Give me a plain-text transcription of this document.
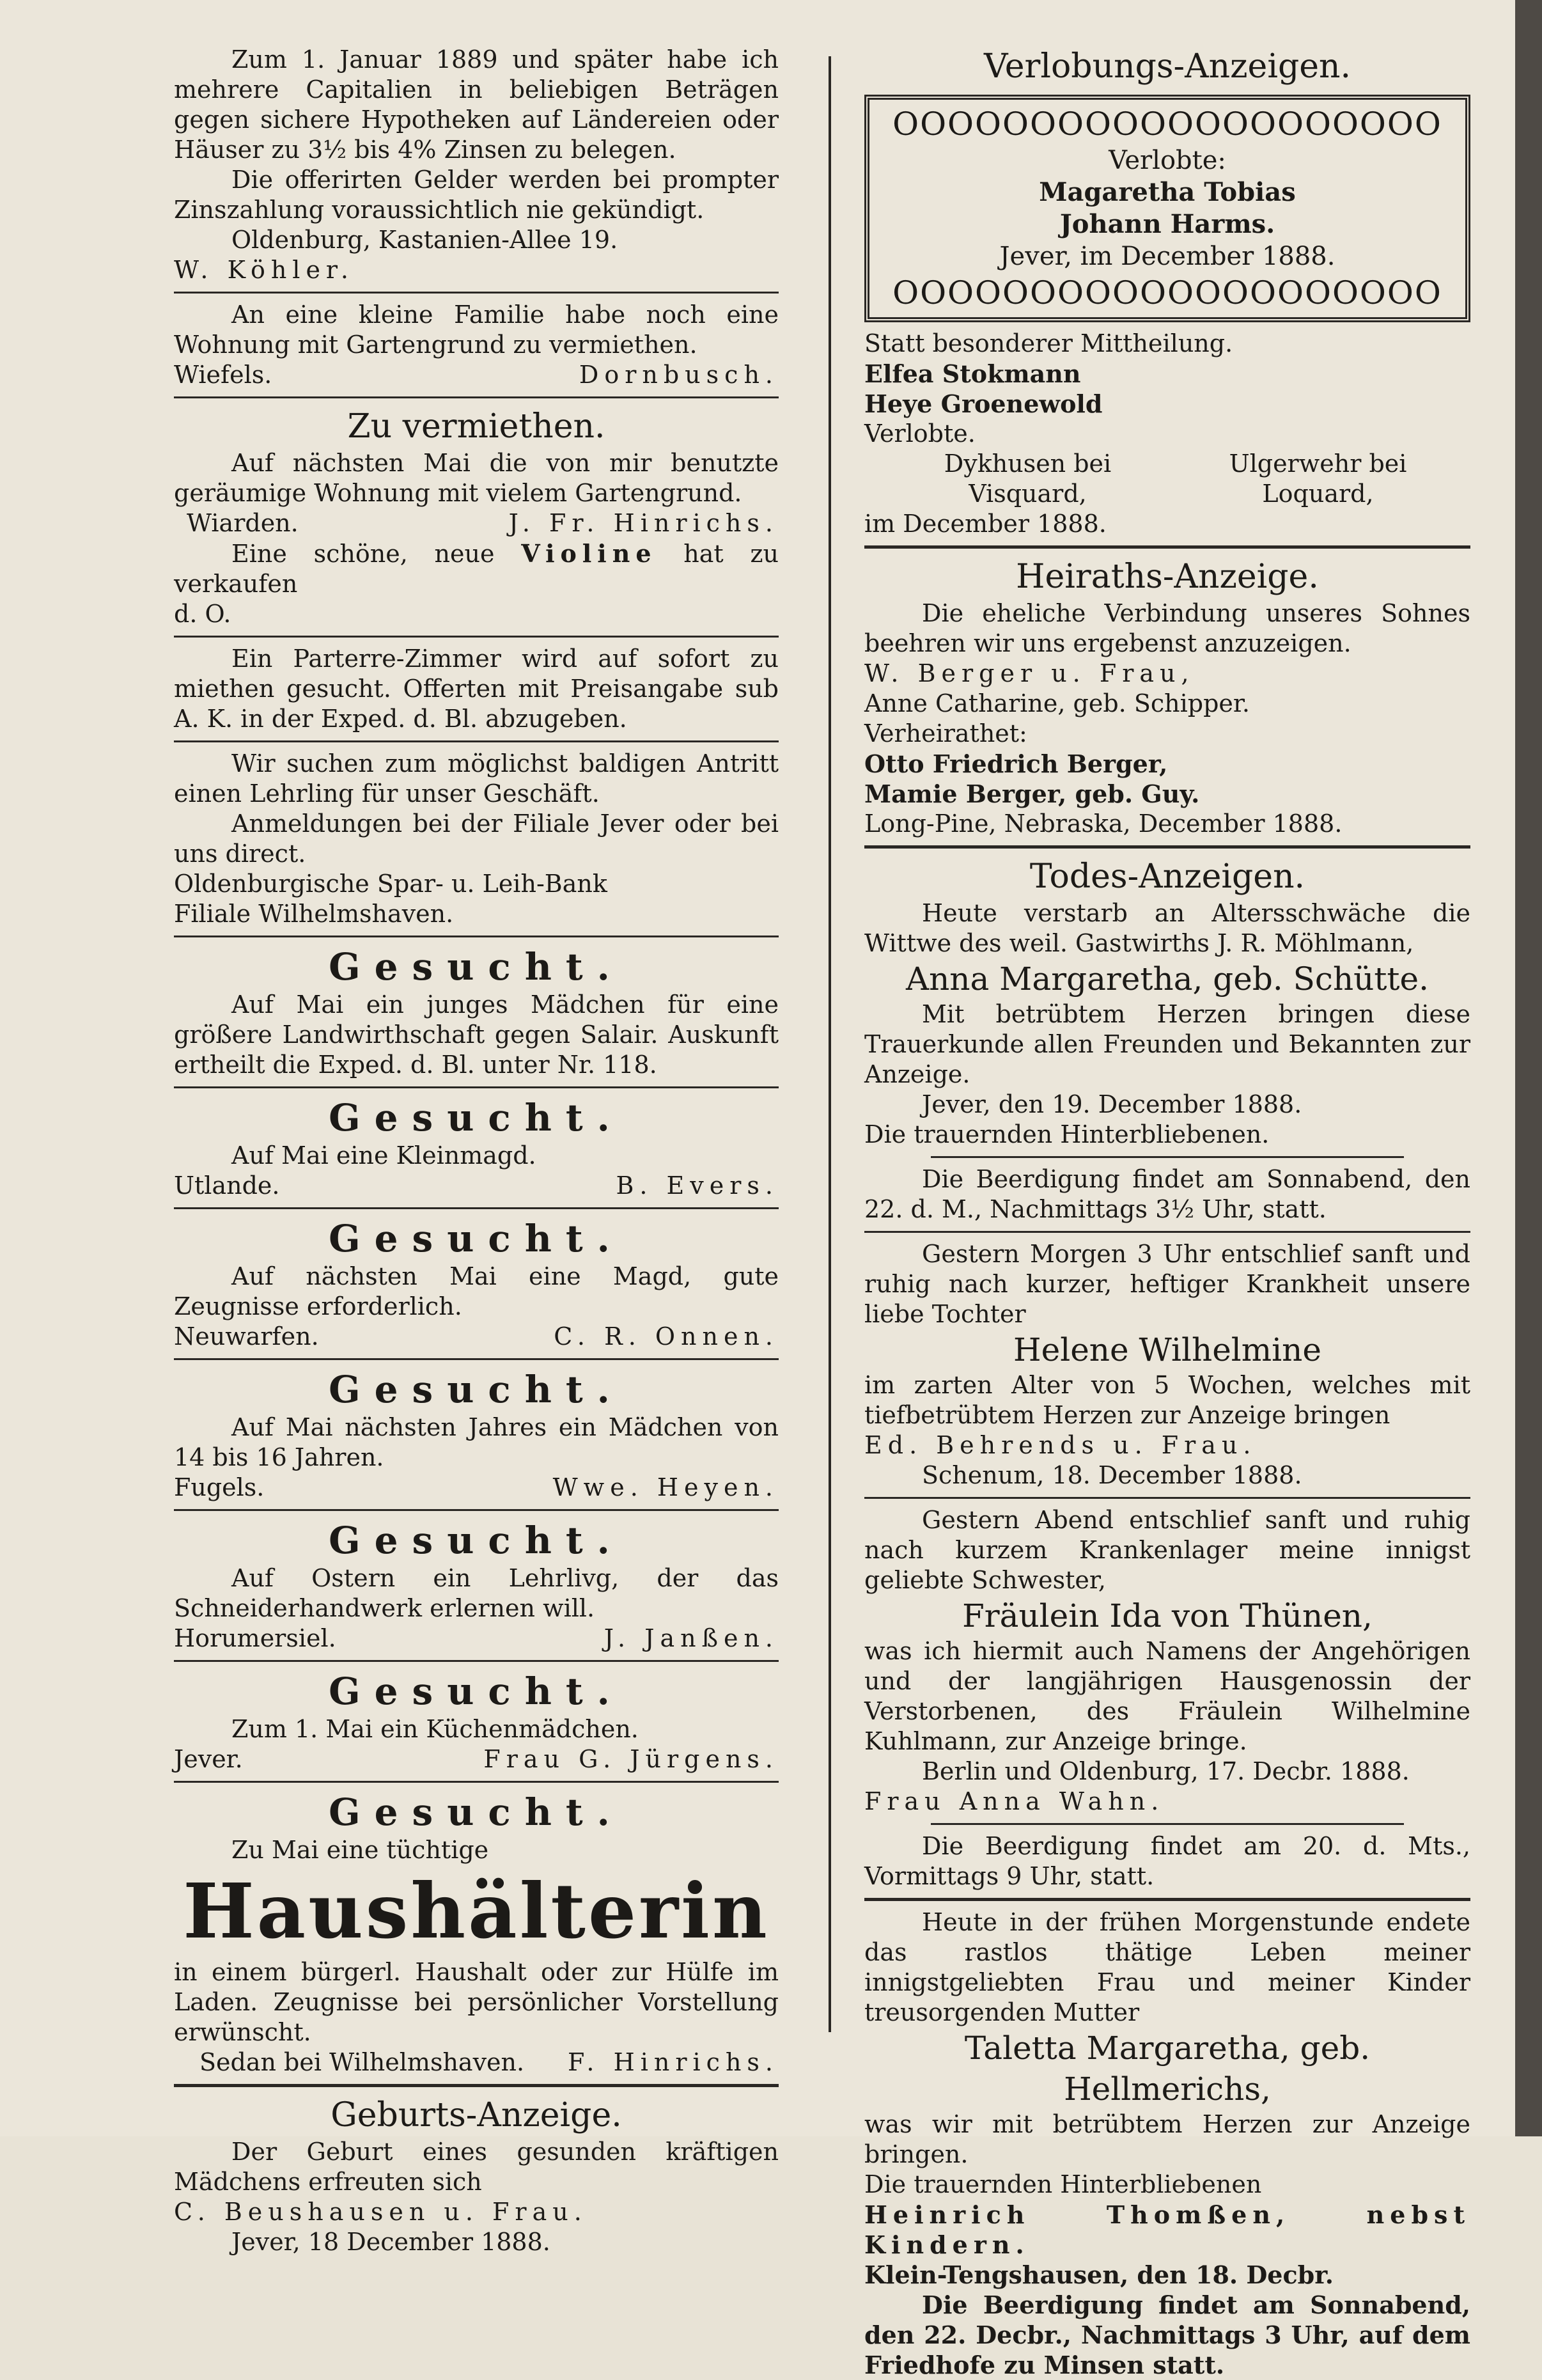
Zum 1. Januar 1889 und später habe ich mehrere Capitalien in beliebigen Beträgen gegen sichere Hypotheken auf Ländereien oder Häuser zu 3½ bis 4% Zinsen zu belegen.

Die offerirten Gelder werden bei prompter Zinszahlung voraussichtlich nie gekündigt.

Oldenburg, Kastanien-Allee 19.

W. Köhler.

An eine kleine Familie habe noch eine Wohnung mit Gartengrund zu vermiethen.

Wiefels.	Dornbusch.
Zu vermiethen.

Auf nächsten Mai die von mir benutzte geräumige Wohnung mit vielem Gartengrund.

Wiarden.	J. Fr. Hinrichs.

Eine schöne, neue Violine hat zu verkaufen

d. O.

Ein Parterre-Zimmer wird auf sofort zu miethen gesucht. Offerten mit Preisangabe sub A. K. in der Exped. d. Bl. abzugeben.

Wir suchen zum möglichst baldigen Antritt einen Lehrling für unser Geschäft.

Anmeldungen bei der Filiale Jever oder bei uns direct.

Oldenburgische Spar- u. Leih-Bank

Filiale Wilhelmshaven.

Gesucht.

Auf Mai ein junges Mädchen für eine größere Landwirthschaft gegen Salair. Auskunft ertheilt die Exped. d. Bl. unter Nr. 118.

Gesucht.

Auf Mai eine Kleinmagd.

Utlande.	B. Evers.
Gesucht.

Auf nächsten Mai eine Magd, gute Zeugnisse erforderlich.

Neuwarfen.	C. R. Onnen.
Gesucht.

Auf Mai nächsten Jahres ein Mädchen von 14 bis 16 Jahren.

Fugels.	Wwe. Heyen.
Gesucht.

Auf Ostern ein Lehrlivg, der das Schneiderhandwerk erlernen will.

Horumersiel.	J. Janßen.
Gesucht.

Zum 1. Mai ein Küchenmädchen.

Jever.	Frau G. Jürgens.
Gesucht.

Zu Mai eine tüchtige

Haushälterin

in einem bürgerl. Haushalt oder zur Hülfe im Laden. Zeugnisse bei persönlicher Vorstellung erwünscht.

Sedan bei Wilhelmshaven. F. Hinrichs.
Geburts-Anzeige.

Der Geburt eines gesunden kräftigen Mädchens erfreuten sich

C. Beushausen u. Frau.

Jever, 18 December 1888.

Verlobungs-Anzeigen.
OOOOOOOOOOOOOOOOOOOO
Verlobte:
Magaretha Tobias
Johann Harms.
Jever, im December 1888.
OOOOOOOOOOOOOOOOOOOO

Statt besonderer Mittheilung.

Elfea Stokmann

Heye Groenewold

Verlobte.

Dykhusen bei Visquard,
Ulgerwehr bei Loquard,

im December 1888.

Heiraths-Anzeige.

Die eheliche Verbindung unseres Sohnes beehren wir uns ergebenst anzuzeigen.

W. Berger u. Frau,

Anne Catharine, geb. Schipper.

Verheirathet:

Otto Friedrich Berger,

Mamie Berger, geb. Guy.

Long-Pine, Nebraska, December 1888.

Todes-Anzeigen.

Heute verstarb an Altersschwäche die Wittwe des weil. Gastwirths J. R. Möhlmann,

Anna Margaretha, geb. Schütte.

Mit betrübtem Herzen bringen diese Trauerkunde allen Freunden und Bekannten zur Anzeige.

Jever, den 19. December 1888.

Die trauernden Hinterbliebenen.

Die Beerdigung findet am Sonnabend, den 22. d. M., Nachmittags 3½ Uhr, statt.

Gestern Morgen 3 Uhr entschlief sanft und ruhig nach kurzer, heftiger Krankheit unsere liebe Tochter

Helene Wilhelmine

im zarten Alter von 5 Wochen, welches mit tiefbetrübtem Herzen zur Anzeige bringen

Ed. Behrends u. Frau.

Schenum, 18. December 1888.

Gestern Abend entschlief sanft und ruhig nach kurzem Krankenlager meine innigst geliebte Schwester,

Fräulein Ida von Thünen,

was ich hiermit auch Namens der Angehörigen und der langjährigen Hausgenossin der Verstorbenen, des Fräulein Wilhelmine Kuhlmann, zur Anzeige bringe.

Berlin und Oldenburg, 17. Decbr. 1888.

Frau Anna Wahn.

Die Beerdigung findet am 20. d. Mts., Vormittags 9 Uhr, statt.

Heute in der frühen Morgenstunde endete das rastlos thätige Leben meiner innigstgeliebten Frau und meiner Kinder treusorgenden Mutter

Taletta Margaretha, geb. Hellmerichs,

was wir mit betrübtem Herzen zur Anzeige bringen.

Die trauernden Hinterbliebenen

Heinrich Thomßen, nebst Kindern.

Klein-Tengshausen, den 18. Decbr.

Die Beerdigung findet am Sonnabend, den 22. Decbr., Nachmittags 3 Uhr, auf dem Friedhofe zu Minsen statt.
